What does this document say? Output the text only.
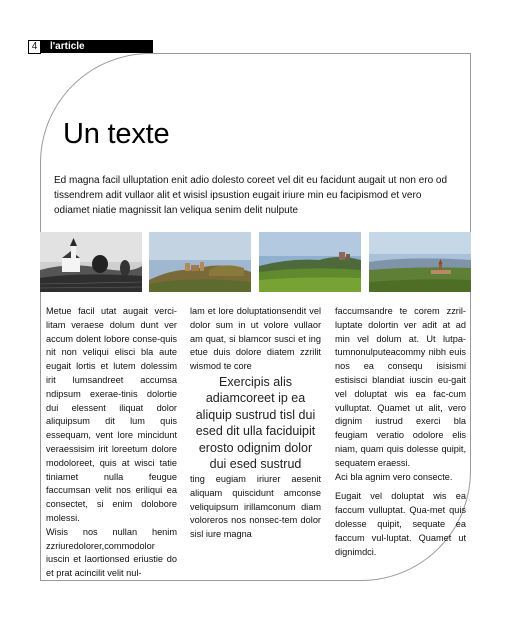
4	l'article
Un texte

Ed magna facil ulluptation enit adio dolesto coreet vel dit eu facidunt augait ut non ero od tissendrem adit vullaor alit et wisisl ipsustion eugait iriure min eu facipismod et vero odiamet niatie magnissit lan veliqua senim delit nulpute

Metue facil utat augait verci-litam veraese dolum dunt ver accum dolent lobore conse-quis nit non veliqui elisci bla aute eugait lortis et lutem dolessim irit lumsandreet accumsa ndipsum exerae-tinis dolortie dui elessent iliquat dolor aliquipsum dit lum quis essequam, vent lore mincidunt veraessisim irit loreetum dolore modoloreet, quis at wisci tatie tiniamet nulla feugue faccumsan velit nos eriliqui ea consectet, si enim dolobore molessi.

Wisis nos nullan henim zzriuredolorer,commodolor iuscin et laortionsed eriustie do et prat acincilit velit nul-

lam et lore doluptationsendit vel dolor sum in ut volore vullaor am quat, si blamcor susci et ing etue duis dolore diatem zzrilit wismod te core

Exercipis alis adiamcoreet ip ea aliquip sustrud tisl dui esed dit ulla faciduipit erosto odignim dolor dui esed sustrud

ting eugiam iriurer aesenit aliquam quiscidunt amconse veliquipsum irillamconum diam voloreros nos nonsec-tem dolor sisl iure magna

faccumsandre te corem zzril-luptate dolortin ver adit at ad min vel dolum at. Ut lutpa-tumnonulputeacommy nibh euis nos ea consequ isisismi estisisci blandiat iuscin eu-gait vel doluptat wis ea fac-cum vulluptat. Quamet ut alit, vero dignim iustrud exerci bla feugiam veratio odolore elis niam, quam quis dolesse quipit, sequatem eraessi.

Aci bla agnim vero consecte.

Eugait vel doluptat wis ea faccum vulluptat. Qua-met quis dolesse quipit, sequate ea faccum vul-luptat. Quamet ut dignimdci.
